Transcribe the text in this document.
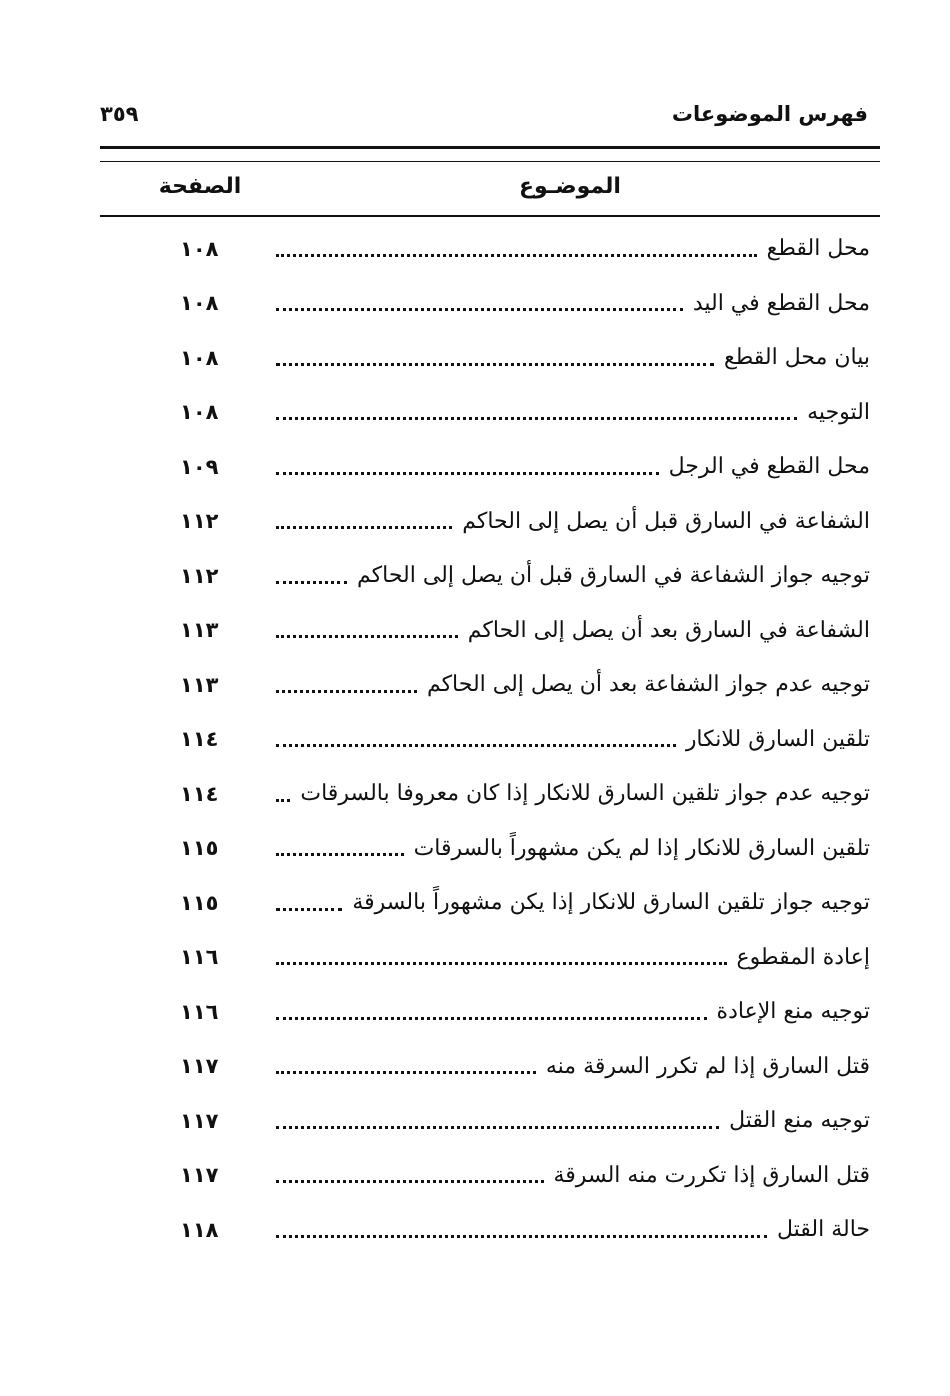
فهرس الموضوعات
٣٥٩
الموضـوع
الصفحة
محل القطع
١٠٨
محل القطع في اليد
١٠٨
بيان محل القطع
١٠٨
التوجيه
١٠٨
محل القطع في الرجل
١٠٩
الشفاعة في السارق قبل أن يصل إلى الحاكم
١١٢
توجيه جواز الشفاعة في السارق قبل أن يصل إلى الحاكم
١١٢
الشفاعة في السارق بعد أن يصل إلى الحاكم
١١٣
توجيه عدم جواز الشفاعة بعد أن يصل إلى الحاكم
١١٣
تلقين السارق للانكار
١١٤
توجيه عدم جواز تلقين السارق للانكار إذا كان معروفا بالسرقات
١١٤
تلقين السارق للانكار إذا لم يكن مشهوراً بالسرقات
١١٥
توجيه جواز تلقين السارق للانكار إذا يكن مشهوراً بالسرقة
١١٥
إعادة المقطوع
١١٦
توجيه منع الإعادة
١١٦
قتل السارق إذا لم تكرر السرقة منه
١١٧
توجيه منع القتل
١١٧
قتل السارق إذا تكررت منه السرقة
١١٧
حالة القتل
١١٨
